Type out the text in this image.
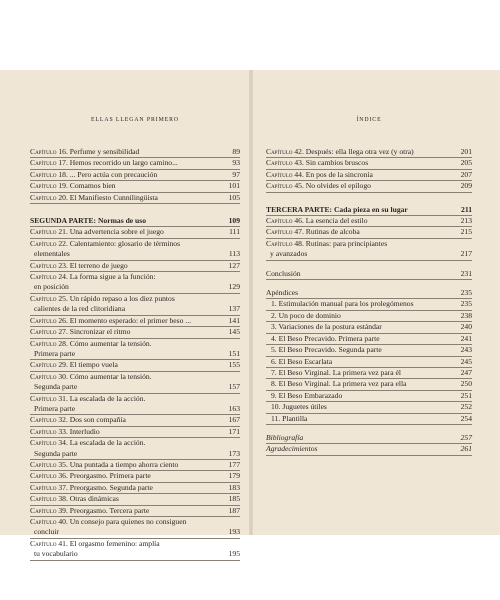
ELLAS LLEGAN PRIMERO
Capítulo 16. Perfume y sensibilidad	89
Capítulo 17. Hemos recorrido un largo camino...	93
Capítulo 18. ... Pero actúa con precaución	97
Capítulo 19. Comamos bien	101
Capítulo 20. El Manifiesto Cunnilingüista	105
SEGUNDA PARTE: Normas de uso	109
Capítulo 21. Una advertencia sobre el juego	111
Capítulo 22. Calentamiento: glosario de términos
elementales	113
Capítulo 23. El terreno de juego	127
Capítulo 24. La forma sigue a la función:
en posición	129
Capítulo 25. Un rápido repaso a los diez puntos
calientes de la red clitoridiana	137
Capítulo 26. El momento esperado: el primer beso ...	141
Capítulo 27. Sincronizar el ritmo	145
Capítulo 28. Cómo aumentar la tensión.
Primera parte	151
Capítulo 29. El tiempo vuela	155
Capítulo 30. Cómo aumentar la tensión.
Segunda parte	157
Capítulo 31. La escalada de la acción.
Primera parte	163
Capítulo 32. Dos son compañía	167
Capítulo 33. Interludio	171
Capítulo 34. La escalada de la acción.
Segunda parte	173
Capítulo 35. Una puntada a tiempo ahorra ciento	177
Capítulo 36. Preorgasmo. Primera parte	179
Capítulo 37. Preorgasmo. Segunda parte	183
Capítulo 38. Otras dinámicas	185
Capítulo 39. Preorgasmo. Tercera parte	187
Capítulo 40. Un consejo para quienes no consiguen
concluir	193
Capítulo 41. El orgasmo femenino: amplía
tu vocabulario	195
ÍNDICE
Capítulo 42. Después: ella llega otra vez (y otra)	201
Capítulo 43. Sin cambios bruscos	205
Capítulo 44. En pos de la sincronía	207
Capítulo 45. No olvides el epílogo	209
TERCERA PARTE: Cada pieza en su lugar	211
Capítulo 46. La esencia del estilo	213
Capítulo 47. Rutinas de alcoba	215
Capítulo 48. Rutinas: para principiantes
y avanzados	217
Conclusión	231
Apéndices	235
1. Estimulación manual para los prolegómenos	235
2. Un poco de dominio	238
3. Variaciones de la postura estándar	240
4. El Beso Precavido. Primera parte	241
5. El Beso Precavido. Segunda parte	243
6. El Beso Escarlata	245
7. El Beso Virginal. La primera vez para él	247
8. El Beso Virginal. La primera vez para ella	250
9. El Beso Embarazado	251
10. Juguetes útiles	252
11. Plantilla	254
Bibliografía	257
Agradecimientos	261
